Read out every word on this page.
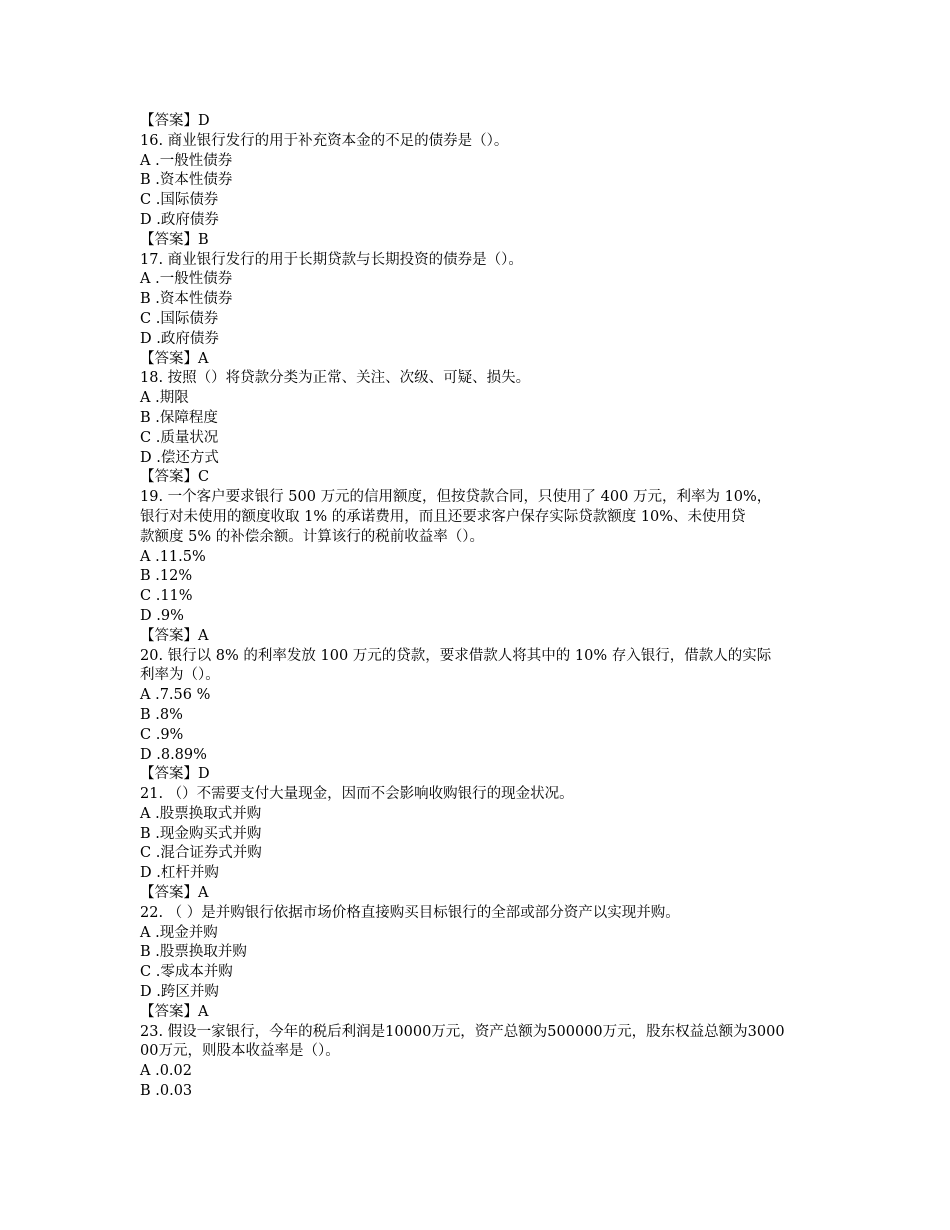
【答案】D
16. 商业银行发行的用于补充资本金的不足的债券是（）。
A .一般性债券
B .资本性债券
C .国际债券
D .政府债券
【答案】B
17. 商业银行发行的用于长期贷款与长期投资的债券是（）。
A .一般性债券
B .资本性债券
C .国际债券
D .政府债券
【答案】A
18. 按照（）将贷款分类为正常、关注、次级、可疑、损失。
A .期限
B .保障程度
C .质量状况
D .偿还方式
【答案】C
19. 一个客户要求银行 500 万元的信用额度，但按贷款合同，只使用了 400 万元，利率为 10%，
银行对未使用的额度收取 1% 的承诺费用，而且还要求客户保存实际贷款额度 10%、未使用贷
款额度 5% 的补偿余额。计算该行的税前收益率（）。
A .11.5%
B .12%
C .11%
D .9%
【答案】A
20. 银行以 8% 的利率发放 100 万元的贷款，要求借款人将其中的 10% 存入银行，借款人的实际
利率为（）。
A .7.56 %
B .8%
C .9%
D .8.89%
【答案】D
21. （）不需要支付大量现金，因而不会影响收购银行的现金状况。
A .股票换取式并购
B .现金购买式并购
C .混合证券式并购
D .杠杆并购
【答案】A
22. （ ）是并购银行依据市场价格直接购买目标银行的全部或部分资产以实现并购。
A .现金并购
B .股票换取并购
C .零成本并购
D .跨区并购
【答案】A
23. 假设一家银行，今年的税后利润是10000万元，资产总额为500000万元，股东权益总额为3000
00万元，则股本收益率是（）。
A .0.02
B .0.03
